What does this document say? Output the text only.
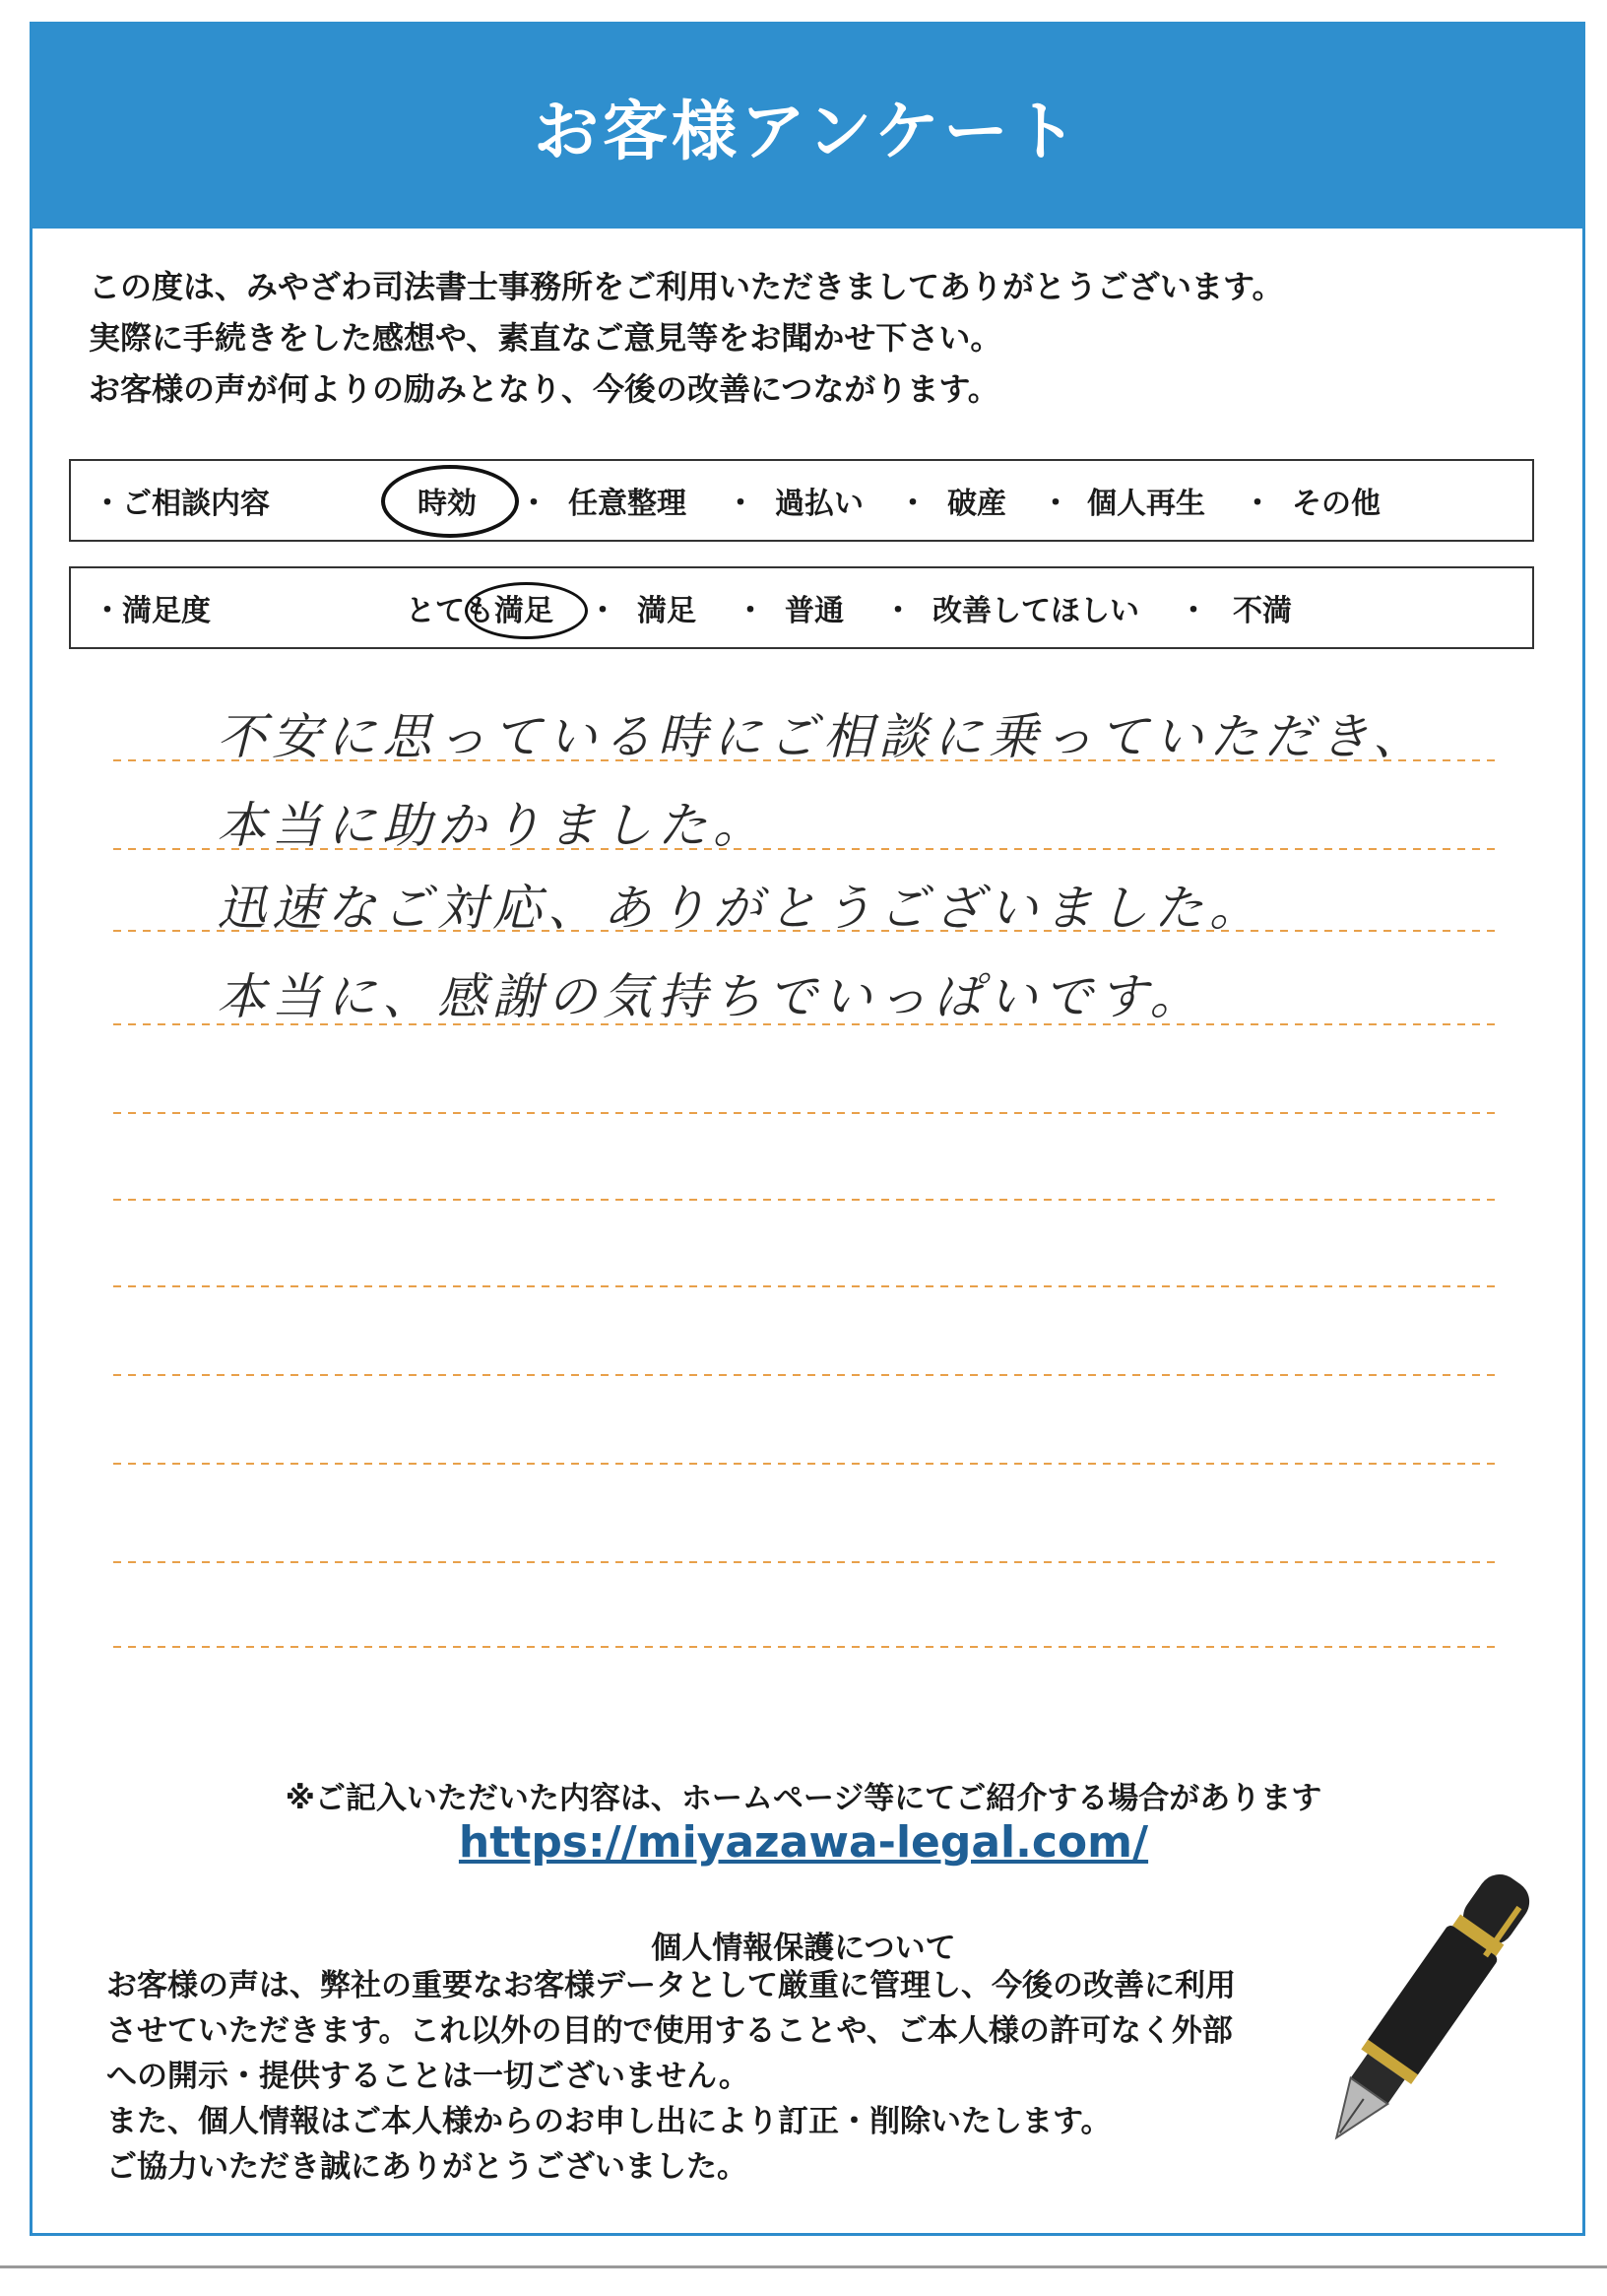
お客様アンケート
この度は、みやざわ司法書士事務所をご利用いただきましてありがとうございます。
実際に手続きをした感想や、素直なご意見等をお聞かせ下さい。
お客様の声が何よりの励みとなり、今後の改善につながります。
・ご相談内容	時効 ・ 任意整理 ・ 過払い ・ 破産 ・ 個人再生 ・ その他
・満足度	とても満足 ・ 満足 ・ 普通 ・ 改善してほしい ・ 不満
不安に思っている時にご相談に乗っていただき、
本当に助かりました。
迅速なご対応、ありがとうございました。
本当に、感謝の気持ちでいっぱいです。
※ご記入いただいた内容は、ホームページ等にてご紹介する場合があります
https://miyazawa-legal.com/
個人情報保護について
お客様の声は、弊社の重要なお客様データとして厳重に管理し、今後の改善に利用
させていただきます。これ以外の目的で使用することや、ご本人様の許可なく外部
への開示・提供することは一切ございません。
また、個人情報はご本人様からのお申し出により訂正・削除いたします。
ご協力いただき誠にありがとうございました。
